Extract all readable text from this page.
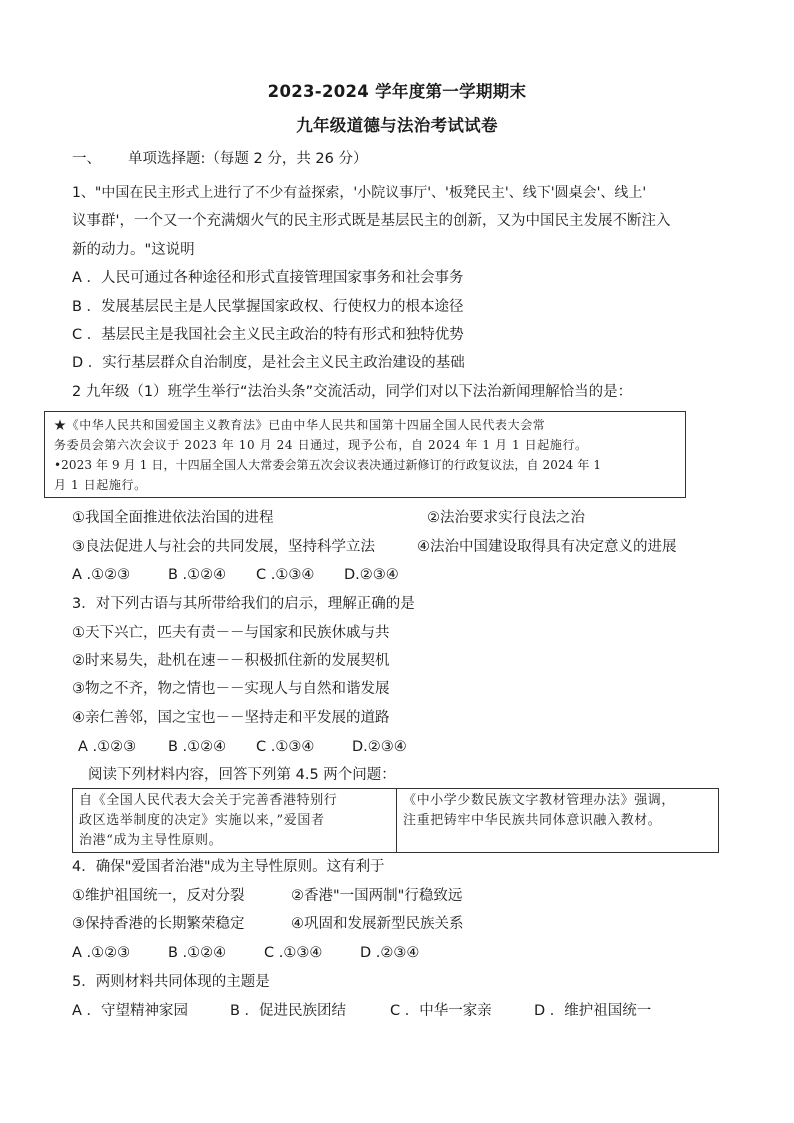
2023-2024 学年度第一学期期末
九年级道德与法治考试试卷
一、 单项选择题:（每题 2 分，共 26 分）
1、"中国在民主形式上进行了不少有益探索，'小院议事厅'、'板凳民主'、线下'圆桌会'、线上'
议事群'，一个又一个充满烟火气的民主形式既是基层民主的创新，又为中国民主发展不断注入
新的动力。"这说明
A ．人民可通过各种途径和形式直接管理国家事务和社会事务
B ．发展基层民主是人民掌握国家政权、行使权力的根本途径
C ．基层民主是我国社会主义民主政治的特有形式和独特优势
D ．实行基层群众自治制度，是社会主义民主政治建设的基础
2 九年级（1）班学生举行“法治头条”交流活动，同学们对以下法治新闻理解恰当的是：
★《中华人民共和国爱国主义教育法》已由中华人民共和国第十四届全国人民代表大会常
务委员会第六次会议于 2023 年 10 月 24 日通过，现予公布，自 2024 年 1 月 1 日起施行。
•2023 年 9 月 1 日，十四届全国人大常委会第五次会议表决通过新修订的行政复议法，自 2024 年 1
月 1 日起施行。
①我国全面推进依法治国的进程	②法治要求实行良法之治
③良法促进人与社会的共同发展，坚持科学立法	④法治中国建设取得具有决定意义的进展
A .①②③	B .①②④ C .①③④ D.②③④
3．对下列古语与其所带给我们的启示，理解正确的是
①天下兴亡，匹夫有责－－与国家和民族休戚与共
②时来易失，赴机在速－－积极抓住新的发展契机
③物之不齐，物之情也－－实现人与自然和谐发展
④亲仁善邻，国之宝也－－坚持走和平发展的道路
A .①②③ B .①②④ C .①③④	D.②③④
阅读下列材料内容，回答下列第 4.5 两个问题：
自《全国人民代表大会关于完善香港特别行
政区选举制度的决定》实施以来，”爱国者
治港“成为主导性原则。
《中小学少数民族文字教材管理办法》强调，
注重把铸牢中华民族共同体意识融入教材。
4．确保"爱国者治港"成为主导性原则。这有利于
①维护祖国统一，反对分裂	②香港"一国两制"行稳致远
③保持香港的长期繁荣稳定	④巩固和发展新型民族关系
A .①②③	B .①②④	C .①③④	D .②③④
5．两则材料共同体现的主题是
A ．守望精神家园	B ．促进民族团结	C ．中华一家亲	D ．维护祖国统一
